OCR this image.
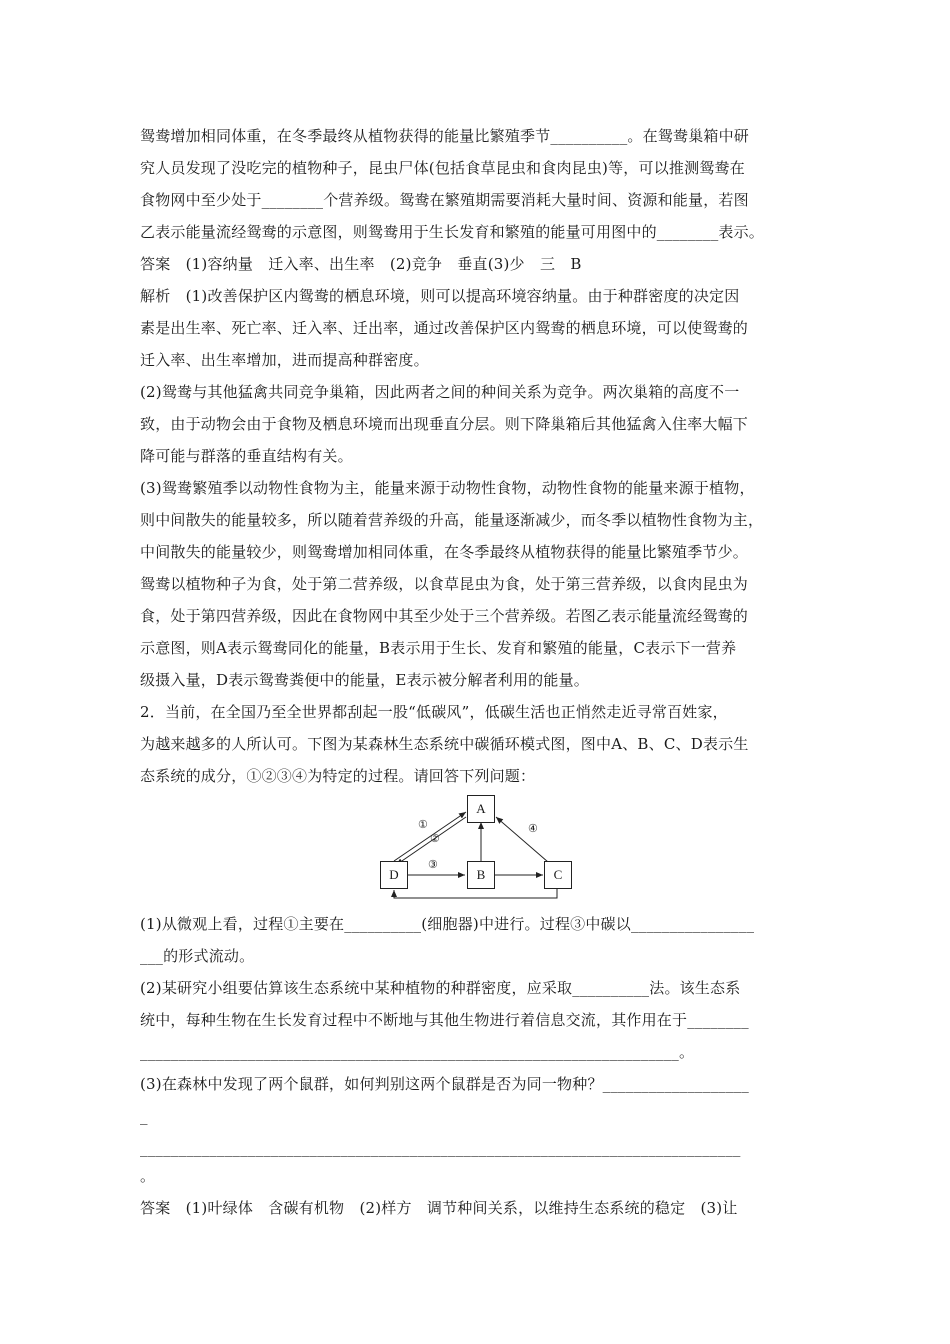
鸳鸯增加相同体重，在冬季最终从植物获得的能量比繁殖季节__________。在鸳鸯巢箱中研
究人员发现了没吃完的植物种子，昆虫尸体(包括食草昆虫和食肉昆虫)等，可以推测鸳鸯在
食物网中至少处于________个营养级。鸳鸯在繁殖期需要消耗大量时间、资源和能量，若图
乙表示能量流经鸳鸯的示意图，则鸳鸯用于生长发育和繁殖的能量可用图中的________表示。
答案　(1)容纳量　迁入率、出生率　(2)竞争　垂直(3)少　三　B
解析　(1)改善保护区内鸳鸯的栖息环境，则可以提高环境容纳量。由于种群密度的决定因
素是出生率、死亡率、迁入率、迁出率，通过改善保护区内鸳鸯的栖息环境，可以使鸳鸯的
迁入率、出生率增加，进而提高种群密度。
(2)鸳鸯与其他猛禽共同竞争巢箱，因此两者之间的种间关系为竞争。两次巢箱的高度不一
致，由于动物会由于食物及栖息环境而出现垂直分层。则下降巢箱后其他猛禽入住率大幅下
降可能与群落的垂直结构有关。
(3)鸳鸯繁殖季以动物性食物为主，能量来源于动物性食物，动物性食物的能量来源于植物，
则中间散失的能量较多，所以随着营养级的升高，能量逐渐减少，而冬季以植物性食物为主，
中间散失的能量较少，则鸳鸯增加相同体重，在冬季最终从植物获得的能量比繁殖季节少。
鸳鸯以植物种子为食，处于第二营养级，以食草昆虫为食，处于第三营养级，以食肉昆虫为
食，处于第四营养级，因此在食物网中其至少处于三个营养级。若图乙表示能量流经鸳鸯的
示意图，则A表示鸳鸯同化的能量，B表示用于生长、发育和繁殖的能量，C表示下一营养
级摄入量，D表示鸳鸯粪便中的能量，E表示被分解者利用的能量。
2．当前，在全国乃至全世界都刮起一股“低碳风”，低碳生活也正悄然走近寻常百姓家，
为越来越多的人所认可。下图为某森林生态系统中碳循环模式图，图中A、B、C、D表示生
态系统的成分，①②③④为特定的过程。请回答下列问题：
A
B	C
D
①
②
③
④
(1)从微观上看，过程①主要在__________(细胞器)中进行。过程③中碳以________________
___的形式流动。
(2)某研究小组要估算该生态系统中某种植物的种群密度，应采取__________法。该生态系
统中，每种生物在生长发育过程中不断地与其他生物进行着信息交流，其作用在于________
______________________________________________________________________。
(3)在森林中发现了两个鼠群，如何判别这两个鼠群是否为同一物种？___________________
_
______________________________________________________________________________
。
答案　(1)叶绿体　含碳有机物　(2)样方　调节种间关系，以维持生态系统的稳定　(3)让
